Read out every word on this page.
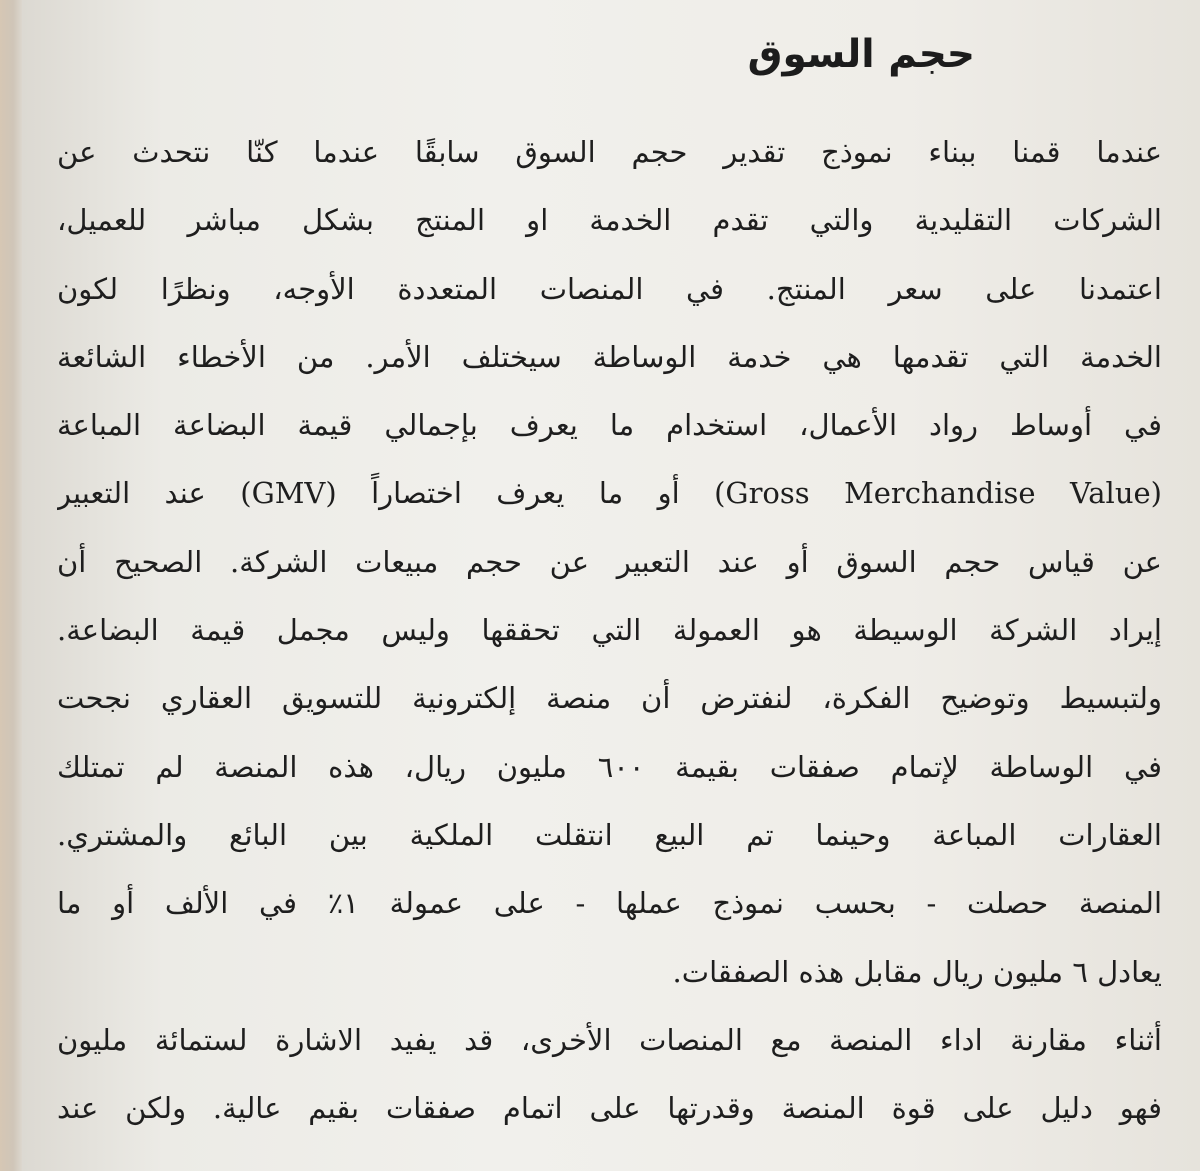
حجم السوق
عندما قمنا ببناء نموذج تقدير حجم السوق سابقًا عندما كنّا نتحدث عن
الشركات التقليدية والتي تقدم الخدمة او المنتج بشكل مباشر للعميل،
اعتمدنا على سعر المنتج. في المنصات المتعددة الأوجه، ونظرًا لكون
الخدمة التي تقدمها هي خدمة الوساطة سيختلف الأمر. من الأخطاء الشائعة
في أوساط رواد الأعمال، استخدام ما يعرف بإجمالي قيمة البضاعة المباعة
(Gross Merchandise Value) أو ما يعرف اختصاراً (GMV) عند التعبير
عن قياس حجم السوق أو عند التعبير عن حجم مبيعات الشركة. الصحيح أن
إيراد الشركة الوسيطة هو العمولة التي تحققها وليس مجمل قيمة البضاعة.
ولتبسيط وتوضيح الفكرة، لنفترض أن منصة إلكترونية للتسويق العقاري نجحت
في الوساطة لإتمام صفقات بقيمة ٦٠٠ مليون ريال، هذه المنصة لم تمتلك
العقارات المباعة وحينما تم البيع انتقلت الملكية بين البائع والمشتري.
المنصة حصلت - بحسب نموذج عملها - على عمولة ١٪ في الألف أو ما
يعادل ٦ مليون ريال مقابل هذه الصفقات.
أثناء مقارنة اداء المنصة مع المنصات الأخرى، قد يفيد الاشارة لستمائة مليون
فهو دليل على قوة المنصة وقدرتها على اتمام صفقات بقيم عالية. ولكن عند
